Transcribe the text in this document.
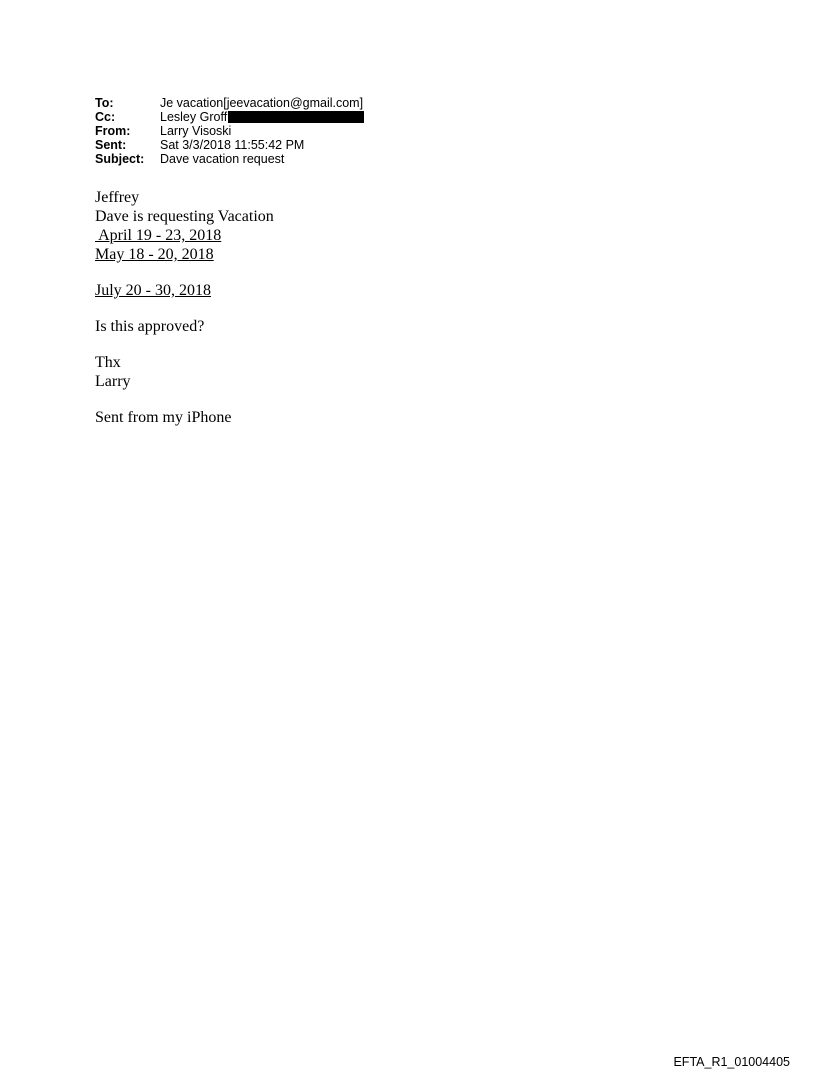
To:	Je vacation[jeevacation@gmail.com]
Cc:	Lesley Groff
From:	Larry Visoski
Sent:	Sat 3/3/2018 11:55:42 PM
Subject:	Dave vacation request
Jeffrey
Dave is requesting Vacation
April 19 - 23, 2018
May 18 - 20, 2018
July 20 - 30, 2018
Is this approved?
Thx
Larry
Sent from my iPhone
EFTA_R1_01004405
